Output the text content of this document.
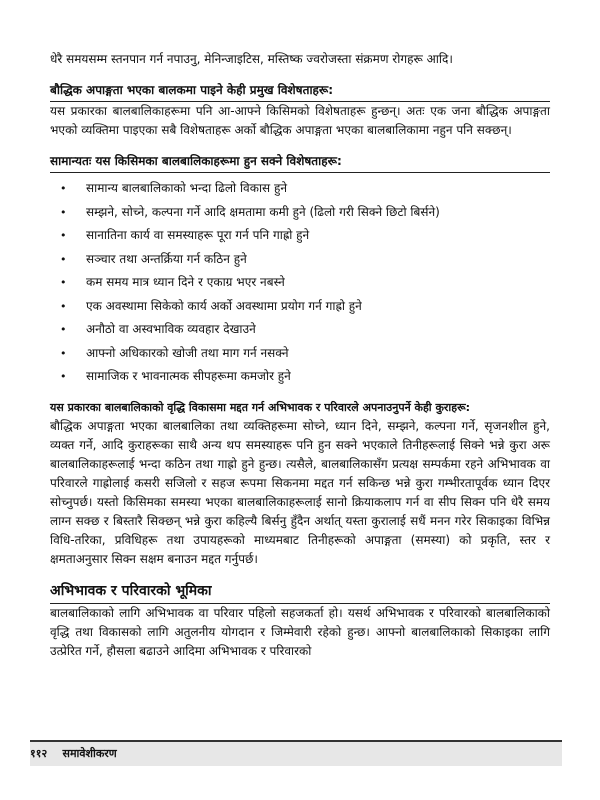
धेरै समयसम्म स्तनपान गर्न नपाउनु, मेनिन्जाइटिस, मस्तिष्क ज्वरोजस्ता संक्रमण रोगहरू आदि।

बौद्धिक अपाङ्गता भएका बालकमा पाइने केही प्रमुख विशेषताहरू:

यस प्रकारका बालबालिकाहरूमा पनि आ-आफ्ने किसिमको विशेषताहरू हुन्छन्। अतः एक जना बौद्धिक अपाङ्गता भएको व्यक्तिमा पाइएका सबै विशेषताहरू अर्को बौद्धिक अपाङ्गता भएका बालबालिकामा नहुन पनि सक्छन्।

सामान्यतः यस किसिमका बालबालिकाहरूमा हुन सक्ने विशेषताहरू:

• सामान्य बालबालिकाको भन्दा ढिलो विकास हुने
• सम्झने, सोच्ने, कल्पना गर्ने आदि क्षमतामा कमी हुने (ढिलो गरी सिक्ने छिटो बिर्सने)
• सानातिना कार्य वा समस्याहरू पूरा गर्न पनि गाह्रो हुने
• सञ्चार तथा अन्तर्क्रिया गर्न कठिन हुने
• कम समय मात्र ध्यान दिने र एकाग्र भएर नबस्ने
• एक अवस्थामा सिकेको कार्य अर्को अवस्थामा प्रयोग गर्न गाह्रो हुने
• अनौठो वा अस्वभाविक व्यवहार देखाउने
• आफ्नो अधिकारको खोजी तथा माग गर्न नसक्ने
• सामाजिक र भावनात्मक सीपहरूमा कमजोर हुने

यस प्रकारका बालबालिकाको वृद्धि विकासमा मद्दत गर्न अभिभावक र परिवारले अपनाउनुपर्ने केही कुराहरू:

बौद्धिक अपाङ्गता भएका बालबालिका तथा व्यक्तिहरूमा सोच्ने, ध्यान दिने, सम्झने, कल्पना गर्ने, सृजनशील हुने, व्यक्त गर्ने, आदि कुराहरूका साथै अन्य थप समस्याहरू पनि हुन सक्ने भएकाले तिनीहरूलाई सिक्ने भन्ने कुरा अरू बालबालिकाहरूलाई भन्दा कठिन तथा गाह्रो हुने हुन्छ। त्यसैले, बालबालिकासँग प्रत्यक्ष सम्पर्कमा रहने अभिभावक वा परिवारले गाह्रोलाई कसरी सजिलो र सहज रूपमा सिकनमा मद्दत गर्न सकिन्छ भन्ने कुरा गम्भीरतापूर्वक ध्यान दिएर सोच्नुपर्छ। यस्तो किसिमका समस्या भएका बालबालिकाहरूलाई सानो क्रियाकलाप गर्न वा सीप सिक्न पनि धेरै समय लाग्न सक्छ र बिस्तारै सिक्छन् भन्ने कुरा कहिल्यै बिर्सनु हुँदैन अर्थात् यस्ता कुरालाई सधैं मनन गरेर सिकाइका विभिन्न विधि-तरिका, प्रविधिहरू तथा उपायहरूको माध्यमबाट तिनीहरूको अपाङ्गता (समस्या) को प्रकृति, स्तर र क्षमताअनुसार सिक्न सक्षम बनाउन मद्दत गर्नुपर्छ।

अभिभावक र परिवारको भूमिका

बालबालिकाको लागि अभिभावक वा परिवार पहिलो सहजकर्ता हो। यसर्थ अभिभावक र परिवारको बालबालिकाको वृद्धि तथा विकासको लागि अतुलनीय योगदान र जिम्मेवारी रहेको हुन्छ। आफ्नो बालबालिकाको सिकाइका लागि उत्प्रेरित गर्ने, हौसला बढाउने आदिमा अभिभावक र परिवारको

११२ समावेशीकरण
